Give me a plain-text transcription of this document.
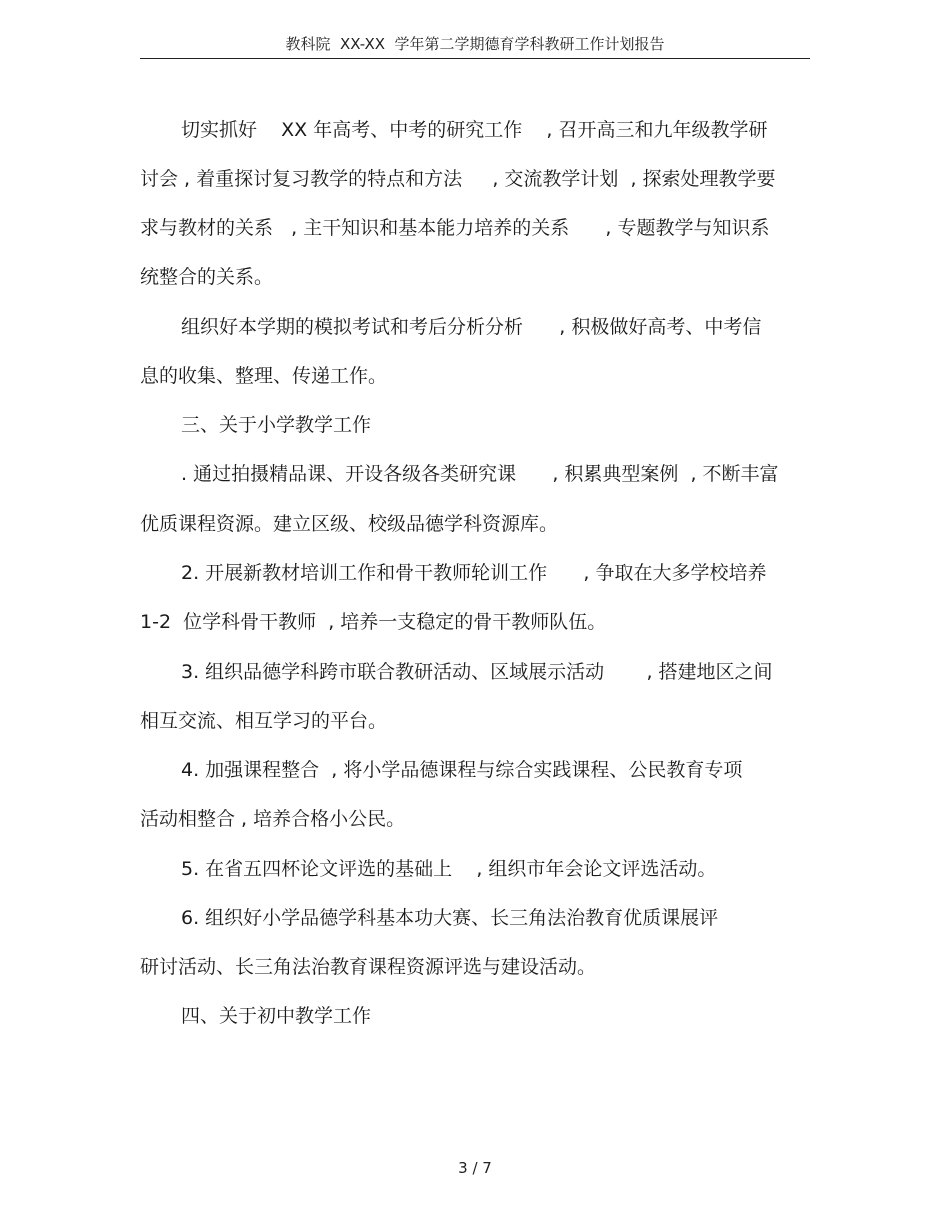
教科院  XX-XX  学年第二学期德育学科教研工作计划报告
切实抓好    XX 年高考、中考的研究工作    , 召开高三和九年级教学研
讨会 , 着重探讨复习教学的特点和方法     , 交流教学计划  , 探索处理教学要
求与教材的关系   , 主干知识和基本能力培养的关系      , 专题教学与知识系
统整合的关系。
组织好本学期的模拟考试和考后分析分析      , 积极做好高考、中考信
息的收集、整理、传递工作。
三、关于小学教学工作
. 通过拍摄精品课、开设各级各类研究课      , 积累典型案例  , 不断丰富
优质课程资源。建立区级、校级品德学科资源库。
2. 开展新教材培训工作和骨干教师轮训工作      , 争取在大多学校培养
1-2  位学科骨干教师  , 培养一支稳定的骨干教师队伍。
3. 组织品德学科跨市联合教研活动、区域展示活动       , 搭建地区之间
相互交流、相互学习的平台。
4. 加强课程整合  , 将小学品德课程与综合实践课程、公民教育专项
活动相整合 , 培养合格小公民。
5. 在省五四杯论文评选的基础上    , 组织市年会论文评选活动。
6. 组织好小学品德学科基本功大赛、长三角法治教育优质课展评
研讨活动、长三角法治教育课程资源评选与建设活动。
四、关于初中教学工作
3 / 7
